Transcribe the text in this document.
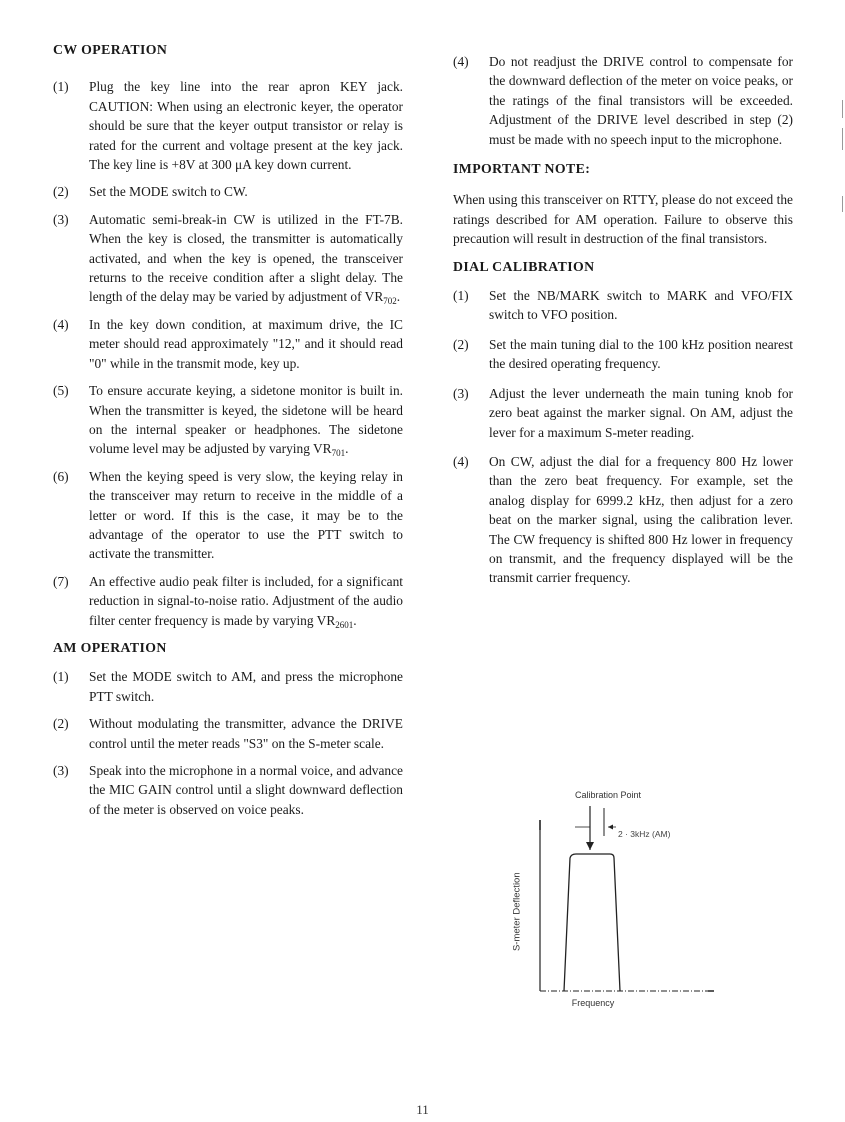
CW OPERATION
(1)	Plug the key line into the rear apron KEY jack. CAUTION: When using an electronic keyer, the operator should be sure that the keyer output transistor or relay is rated for the current and voltage present at the key jack. The key line is +8V at 300 μA key down current.
(2)	Set the MODE switch to CW.
(3)	Automatic semi-break-in CW is utilized in the FT-7B. When the key is closed, the transmitter is automatically activated, and when the key is opened, the transceiver returns to the receive condition after a slight delay. The length of the delay may be varied by adjustment of $VR_{702}$.
(4)	In the key down condition, at maximum drive, the IC meter should read approximately "12," and it should read "0" while in the transmit mode, key up.
(5)	To ensure accurate keying, a sidetone monitor is built in. When the transmitter is keyed, the sidetone will be heard on the internal speaker or headphones. The sidetone volume level may be adjusted by varying $VR_{701}$.
(6)	When the keying speed is very slow, the keying relay in the transceiver may return to receive in the middle of a letter or word. If this is the case, it may be to the advantage of the operator to use the PTT switch to activate the transmitter.
(7)	An effective audio peak filter is included, for a significant reduction in signal-to-noise ratio. Adjustment of the audio filter center frequency is made by varying $VR_{2601}$.
AM OPERATION
(1)	Set the MODE switch to AM, and press the microphone PTT switch.
(2)	Without modulating the transmitter, advance the DRIVE control until the meter reads "S3" on the S-meter scale.
(3)	Speak into the microphone in a normal voice, and advance the MIC GAIN control until a slight downward deflection of the meter is observed on voice peaks.
(4)	Do not readjust the DRIVE control to compensate for the downward deflection of the meter on voice peaks, or the ratings of the final transistors will be exceeded. Adjustment of the DRIVE level described in step (2) must be made with no speech input to the microphone.
IMPORTANT NOTE:

When using this transceiver on RTTY, please do not exceed the ratings described for AM operation. Failure to observe this precaution will result in destruction of the final transistors.

DIAL CALIBRATION
(1)	Set the NB/MARK switch to MARK and VFO/FIX switch to VFO position.
(2)	Set the main tuning dial to the 100 kHz position nearest the desired operating frequency.
(3)	Adjust the lever underneath the main tuning knob for zero beat against the marker signal. On AM, adjust the lever for a maximum S-meter reading.
(4)	On CW, adjust the dial for a frequency 800 Hz lower than the zero beat frequency. For example, set the analog display for 6999.2 kHz, then adjust for a zero beat on the marker signal, using the calibration lever. The CW frequency is shifted 800 Hz lower in frequency on transmit, and the frequency displayed will be the transmit carrier frequency.
Calibration Point
2 · 3kHz (AM)
S-meter Deflection
Frequency
11
